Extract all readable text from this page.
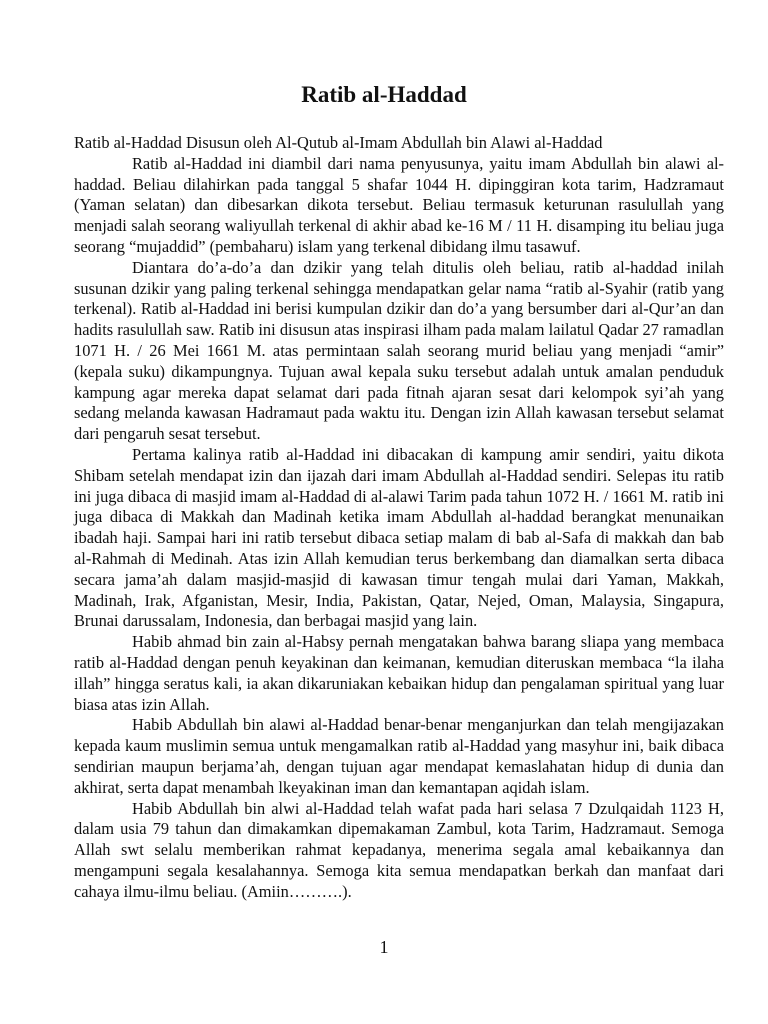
Ratib al-Haddad

Ratib al-Haddad Disusun oleh Al-Qutub al-Imam Abdullah bin Alawi al-Haddad

Ratib al-Haddad ini diambil dari nama penyusunya, yaitu imam Abdullah bin alawi al-haddad. Beliau dilahirkan pada tanggal 5 shafar 1044 H. dipinggiran kota tarim, Hadzramaut (Yaman selatan) dan dibesarkan dikota tersebut. Beliau termasuk keturunan rasulullah yang menjadi salah seorang waliyullah terkenal di akhir abad ke-16 M / 11 H. disamping itu beliau juga seorang “mujaddid” (pembaharu) islam yang terkenal dibidang ilmu tasawuf.

Diantara do’a-do’a dan dzikir yang telah ditulis oleh beliau, ratib al-haddad inilah susunan dzikir yang paling terkenal sehingga mendapatkan gelar nama “ratib al-Syahir (ratib yang terkenal). Ratib al-Haddad ini berisi kumpulan dzikir dan do’a yang bersumber dari al-Qur’an dan hadits rasulullah saw. Ratib ini disusun atas inspirasi ilham pada malam lailatul Qadar 27 ramadlan 1071 H. / 26 Mei 1661 M. atas permintaan salah seorang murid beliau yang menjadi “amir” (kepala suku) dikampungnya. Tujuan awal kepala suku tersebut adalah untuk amalan penduduk kampung agar mereka dapat selamat dari pada fitnah ajaran sesat dari kelompok syi’ah yang sedang melanda kawasan Hadramaut pada waktu itu. Dengan izin Allah kawasan tersebut selamat dari pengaruh sesat tersebut.

Pertama kalinya ratib al-Haddad ini dibacakan di kampung amir sendiri, yaitu dikota Shibam setelah mendapat izin dan ijazah dari imam Abdullah al-Haddad sendiri. Selepas itu ratib ini juga dibaca di masjid imam al-Haddad di al-alawi Tarim pada tahun 1072 H. / 1661 M. ratib ini juga dibaca di Makkah dan Madinah ketika imam Abdullah al-haddad berangkat menunaikan ibadah haji. Sampai hari ini ratib tersebut dibaca setiap malam di bab al-Safa di makkah dan bab al-Rahmah di Medinah. Atas izin Allah kemudian terus berkembang dan diamalkan serta dibaca secara jama’ah dalam masjid-masjid di kawasan timur tengah mulai dari Yaman, Makkah, Madinah, Irak, Afganistan, Mesir, India, Pakistan, Qatar, Nejed, Oman, Malaysia, Singapura, Brunai darussalam, Indonesia, dan berbagai masjid yang lain.

Habib ahmad bin zain al-Habsy pernah mengatakan bahwa barang sliapa yang membaca ratib al-Haddad dengan penuh keyakinan dan keimanan, kemudian diteruskan membaca “la ilaha illah” hingga seratus kali, ia akan dikaruniakan kebaikan hidup dan pengalaman spiritual yang luar biasa atas izin Allah.

Habib Abdullah bin alawi al-Haddad benar-benar menganjurkan dan telah mengijazakan kepada kaum muslimin semua untuk mengamalkan ratib al-Haddad yang masyhur ini, baik dibaca sendirian maupun berjama’ah, dengan tujuan agar mendapat kemaslahatan hidup di dunia dan akhirat, serta dapat menambah lkeyakinan iman dan kemantapan aqidah islam.

Habib Abdullah bin alwi al-Haddad telah wafat pada hari selasa 7 Dzulqaidah 1123 H, dalam usia 79 tahun dan dimakamkan dipemakaman Zambul, kota Tarim, Hadzramaut. Semoga Allah swt selalu memberikan rahmat kepadanya, menerima segala amal kebaikannya dan mengampuni segala kesalahannya. Semoga kita semua mendapatkan berkah dan manfaat dari cahaya ilmu-ilmu beliau. (Amiin……….).

1
